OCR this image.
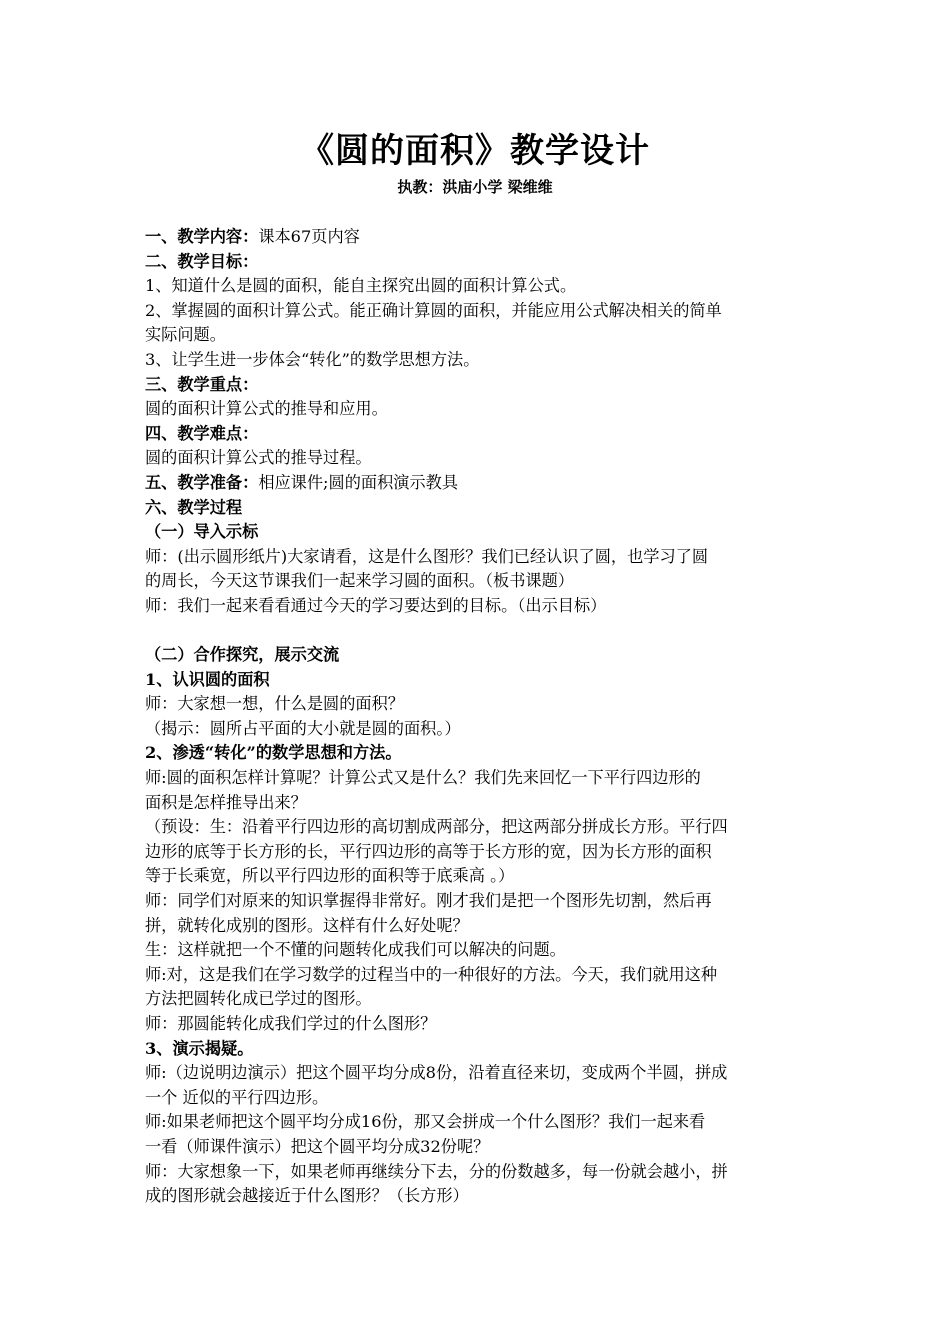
《圆的面积》教学设计
执教：洪庙小学 梁维维
一、教学内容：课本67页内容
二、教学目标：
1、知道什么是圆的面积，能自主探究出圆的面积计算公式。
2、掌握圆的面积计算公式。能正确计算圆的面积，并能应用公式解决相关的简单
实际问题。
3、让学生进一步体会“转化”的数学思想方法。
三、教学重点：
圆的面积计算公式的推导和应用。
四、教学难点：
圆的面积计算公式的推导过程。
五、教学准备：相应课件;圆的面积演示教具
六、教学过程
（一）导入示标
师：(出示圆形纸片)大家请看，这是什么图形？我们已经认识了圆，也学习了圆
的周长，今天这节课我们一起来学习圆的面积。（板书课题）
师：我们一起来看看通过今天的学习要达到的目标。（出示目标）
（二）合作探究，展示交流
1、认识圆的面积
师：大家想一想，什么是圆的面积？
（揭示：圆所占平面的大小就是圆的面积。）
2、渗透“转化”的数学思想和方法。
师:圆的面积怎样计算呢？计算公式又是什么？我们先来回忆一下平行四边形的
面积是怎样推导出来？
（预设：生：沿着平行四边形的高切割成两部分，把这两部分拼成长方形。平行四
边形的底等于长方形的长，平行四边形的高等于长方形的宽，因为长方形的面积
等于长乘宽，所以平行四边形的面积等于底乘高 。）
师：同学们对原来的知识掌握得非常好。刚才我们是把一个图形先切割，然后再
拼，就转化成别的图形。这样有什么好处呢？
生：这样就把一个不懂的问题转化成我们可以解决的问题。
师:对，这是我们在学习数学的过程当中的一种很好的方法。今天，我们就用这种
方法把圆转化成已学过的图形。
师：那圆能转化成我们学过的什么图形？
3、演示揭疑。
师:（边说明边演示）把这个圆平均分成8份，沿着直径来切，变成两个半圆，拼成
一个 近似的平行四边形。
师:如果老师把这个圆平均分成16份，那又会拼成一个什么图形？我们一起来看
一看（师课件演示）把这个圆平均分成32份呢？
师：大家想象一下，如果老师再继续分下去，分的份数越多，每一份就会越小，拼
成的图形就会越接近于什么图形？（长方形）
